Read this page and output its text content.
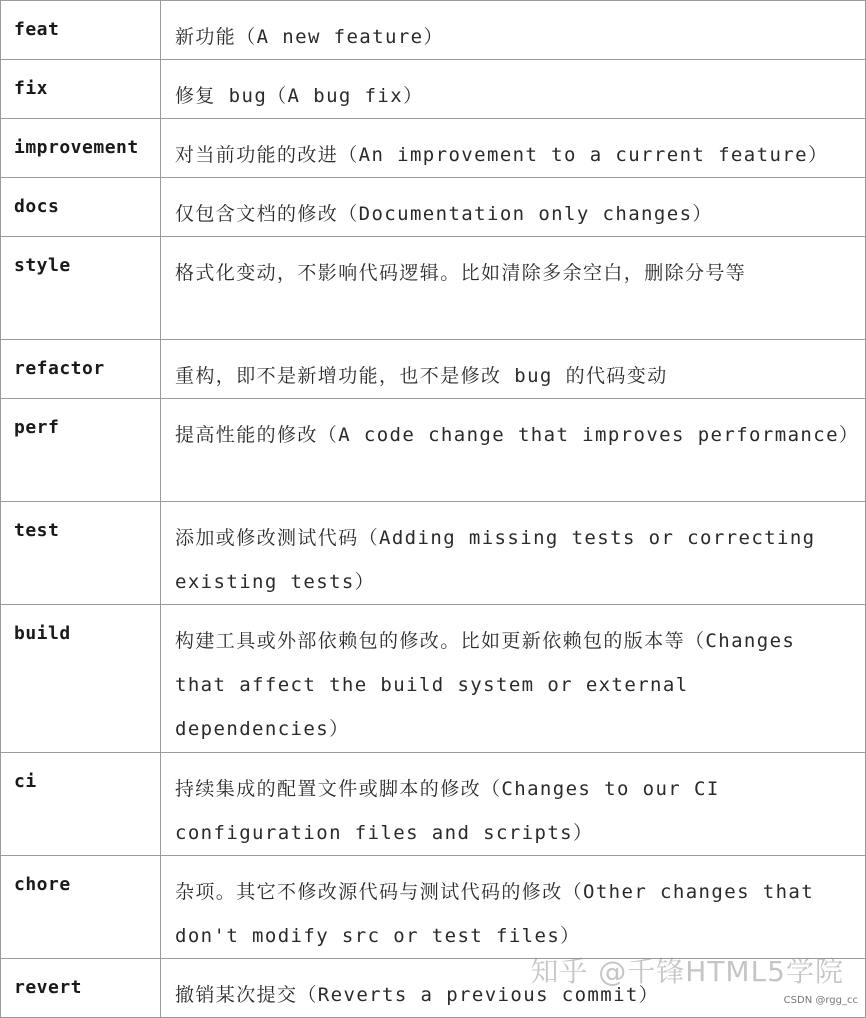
feat	新功能（A new feature）
fix	修复 bug（A bug fix）
improvement	对当前功能的改进（An improvement to a current feature）
docs	仅包含文档的修改（Documentation only changes）
style	格式化变动，不影响代码逻辑。比如清除多余空白，删除分号等
refactor	重构，即不是新增功能，也不是修改 bug 的代码变动
perf	提高性能的修改（A code change that improves performance）
test	添加或修改测试代码（Adding missing tests or correcting existing tests）
build	构建工具或外部依赖包的修改。比如更新依赖包的版本等（Changes that affect the build system or external dependencies）
ci	持续集成的配置文件或脚本的修改（Changes to our CI configuration files and scripts）
chore	杂项。其它不修改源代码与测试代码的修改（Other changes that don't modify src or test files）
revert	撤销某次提交（Reverts a previous commit）
知乎 @千锋HTML5学院
CSDN @rgg_cc
